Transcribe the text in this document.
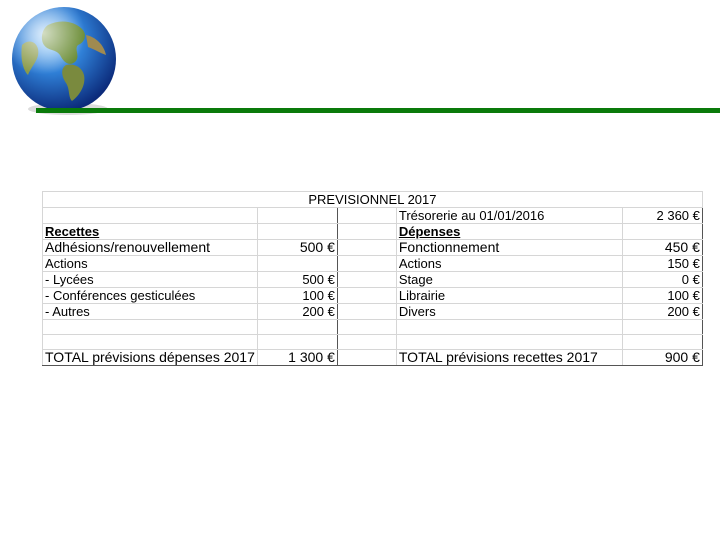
PREVISIONNEL 2017				
			Trésorerie au 01/01/2016	2 360 €
Recettes			Dépenses	
Adhésions/renouvellement	500 €		Fonctionnement	450 €
Actions			Actions	150 €
- Lycées	500 €		Stage	0 €
- Conférences gesticulées	100 €		Librairie	100 €
- Autres	200 €		Divers	200 €

TOTAL prévisions dépenses 2017	1 300 €		TOTAL prévisions recettes 2017	900 €
